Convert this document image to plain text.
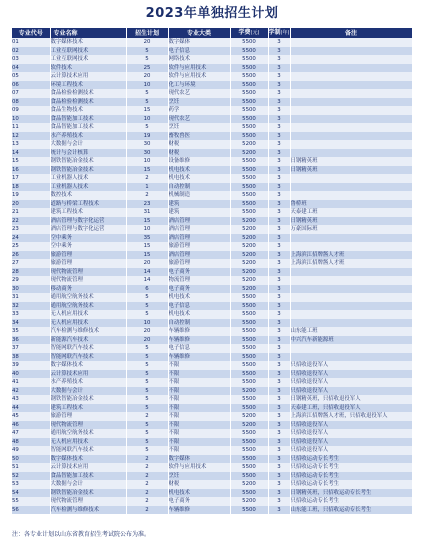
2023年单独招生计划
专业代号	专业名称	招生计划	专业大类	学费(元)	学制(年)	备注
01	数字媒体技术	20	数字媒体	5500	3	
02	工业互联网技术	5	电子信息	5500	3	
03	工业互联网技术	5	网络技术	5500	3	
04	软件技术	25	软件与应用技术	5500	3	
05	云计算技术应用	20	软件与应用技术	5500	3	
06	环境工程技术	10	化工与环境	5500	3	
07	食品检验检测技术	5	现代农艺	5500	3	
08	食品检验检测技术	5	烹饪	5500	3	
09	食品生物技术	15	药学	5500	3	
10	食品智能加工技术	10	现代农艺	5500	3	
11	食品智能加工技术	5	烹饪	5500	3	
12	水产养殖技术	19	畜牧兽医	5500	3	
13	大数据与会计	30	财税	5200	3	
14	统计与会计核算	30	财税	5200	3	
15	钢铁智能冶金技术	10	设备维修	5500	3	日钢精英班
16	钢铁智能冶金技术	15	机电技术	5500	3	日钢精英班
17	工业机器人技术	2	机电技术	5500	3	
18	工业机器人技术	1	自动控制	5500	3	
19	数控技术	2	机械制造	5500	3	
20	道路与桥梁工程技术	23	建筑	5500	3	鲁桥班
21	建筑工程技术	31	建筑	5500	3	天泰建工班
22	酒店管理与数字化运营	15	酒店管理	5200	3	日钢精英班
23	酒店管理与数字化运营	10	酒店管理	5200	3	万豪国际班
24	空中乘务	35	酒店管理	5200	3	
25	空中乘务	15	旅游管理	5200	3	
26	旅游管理	15	酒店管理	5200	3	上海滨江招牌酱人才班
27	旅游管理	20	旅游管理	5200	3	上海滨江招牌酱人才班
28	现代物流管理	14	电子商务	5200	3	
29	现代物流管理	14	物流管理	5200	3	
30	移动商务	6	电子商务	5200	3	
31	通用航空航务技术	5	机电技术	5500	3	
32	通用航空航务技术	5	电子信息	5500	3	
33	无人机应用技术	5	机电技术	5500	3	
34	无人机应用技术	10	自动控制	5500	3	
35	汽车检测与维修技术	20	车辆维修	5500	3	山东能工班
36	新能源汽车技术	20	车辆维修	5500	3	中兴汽车新能源班
37	智能网联汽车技术	5	电子信息	5500	3	
38	智能网联汽车技术	5	车辆维修	5500	3	
39	数字媒体技术	5	不限	5500	3	只招收退役军人
40	云计算技术应用	5	不限	5500	3	只招收退役军人
41	水产养殖技术	5	不限	5500	3	只招收退役军人
42	大数据与会计	5	不限	5200	3	只招收退役军人
43	钢铁智能冶金技术	5	不限	5500	3	日钢精英班，只招收退役军人
44	建筑工程技术	5	不限	5500	3	天泰建工班，只招收退役军人
45	旅游管理	2	不限	5200	3	上海滨江招牌酱人才班，只招收退役军人
46	现代物流管理	5	不限	5200	3	只招收退役军人
47	通用航空航务技术	5	不限	5500	3	只招收退役军人
48	无人机应用技术	5	不限	5500	3	只招收退役军人
49	智能网联汽车技术	5	不限	5500	3	只招收退役军人
50	数字媒体技术	2	数字媒体	5500	3	只招收运动专长考生
51	云计算技术应用	2	软件与应用技术	5500	3	只招收运动专长考生
52	食品智能加工技术	2	烹饪	5500	3	只招收运动专长考生
53	大数据与会计	2	财税	5200	3	只招收运动专长考生
54	钢铁智能冶金技术	2	机电技术	5500	3	日钢精英班，只招收运动专长考生
55	现代物流管理	2	电子商务	5200	3	只招收运动专长考生
56	汽车检测与维修技术	2	车辆维修	5500	3	山东能工班，只招收运动专长考生
注：各专业计划以山东省教育招生考试院公布为准。
